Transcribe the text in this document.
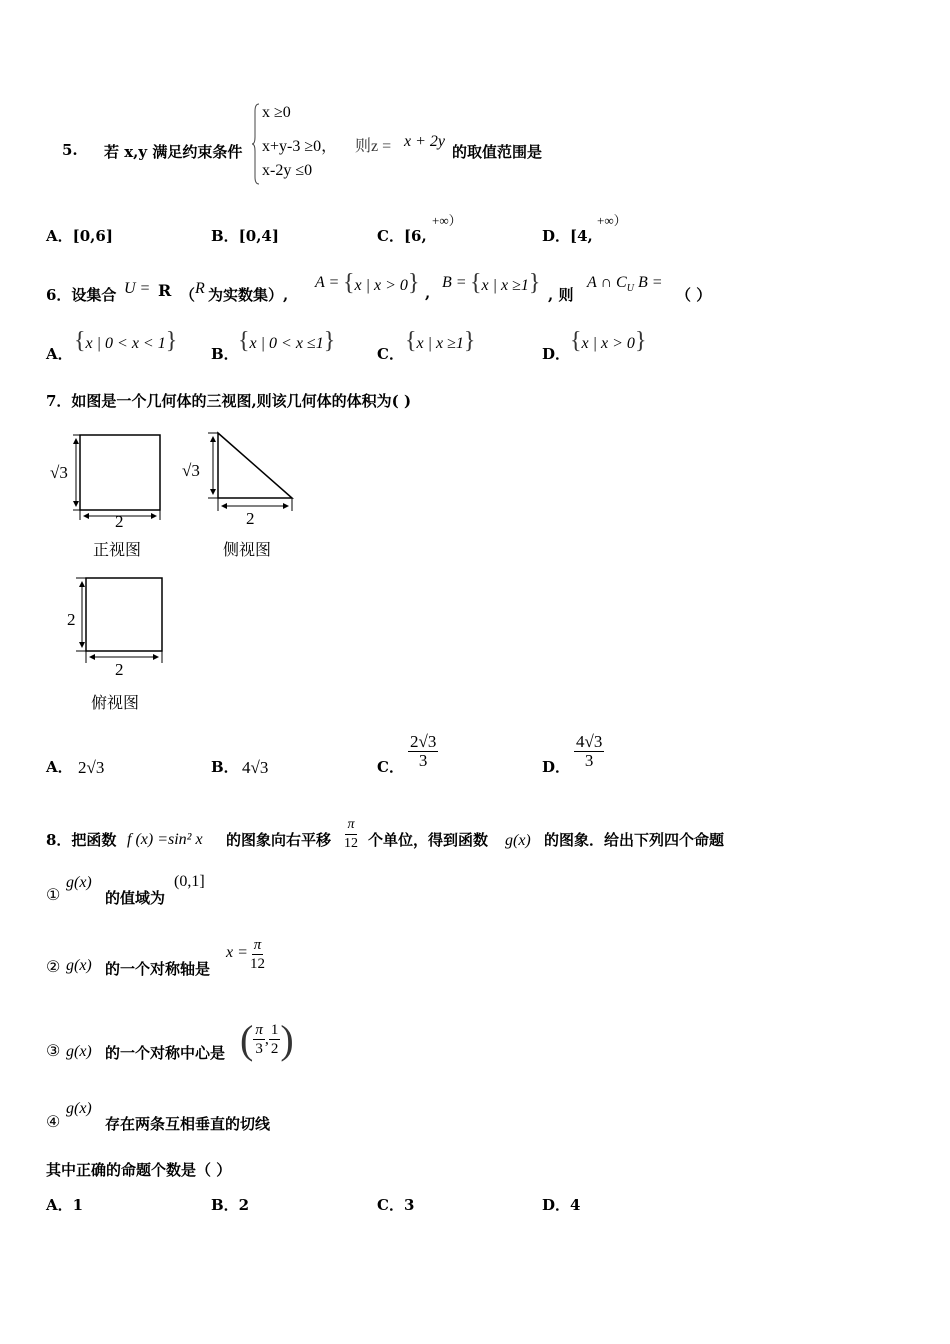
5. 若 x,y 满足约束条件
x ≥0
x+y-3 ≥0，
x-2y ≤0
则z = x + 2y
的取值范围是
A．[0,6]	B．[0,4]	C．[6,
+∞）
D．[4,
+∞）
6．设集合 U = R （ R 为实数集）,
A = {x | x > 0} ,
B = {x | x ≥1} , 则
A ∩ $C_U$ B =
（ ）
A． {x | 0 < x < 1} B． {x | 0 < x ≤1}	C． {x | x ≥1}	D． {x | x > 0}
7．如图是一个几何体的三视图,则该几何体的体积为( )
√3
2
正视图
√3
2
侧视图
2
2
俯视图
A． 2√3	B． 4√3	C． $\frac{2√3}{3}$	D． $\frac{4√3}{3}$
8．把函数 f (x) =sin² x 的图象向右平移 $\frac{\pi}{12}$ 个单位，得到函数 g(x) 的图象．给出下列四个命题
①
g(x)
的值域为
(0,1]
② g(x) 的一个对称轴是
$x = \frac{\pi}{12}$
③ g(x) 的一个对称中心是 ( $\frac{\pi}{3}$ , $\frac{1}{2}$ )
④
g(x)
存在两条互相垂直的切线
其中正确的命题个数是（ ）
A．1	B．2	C．3	D．4
